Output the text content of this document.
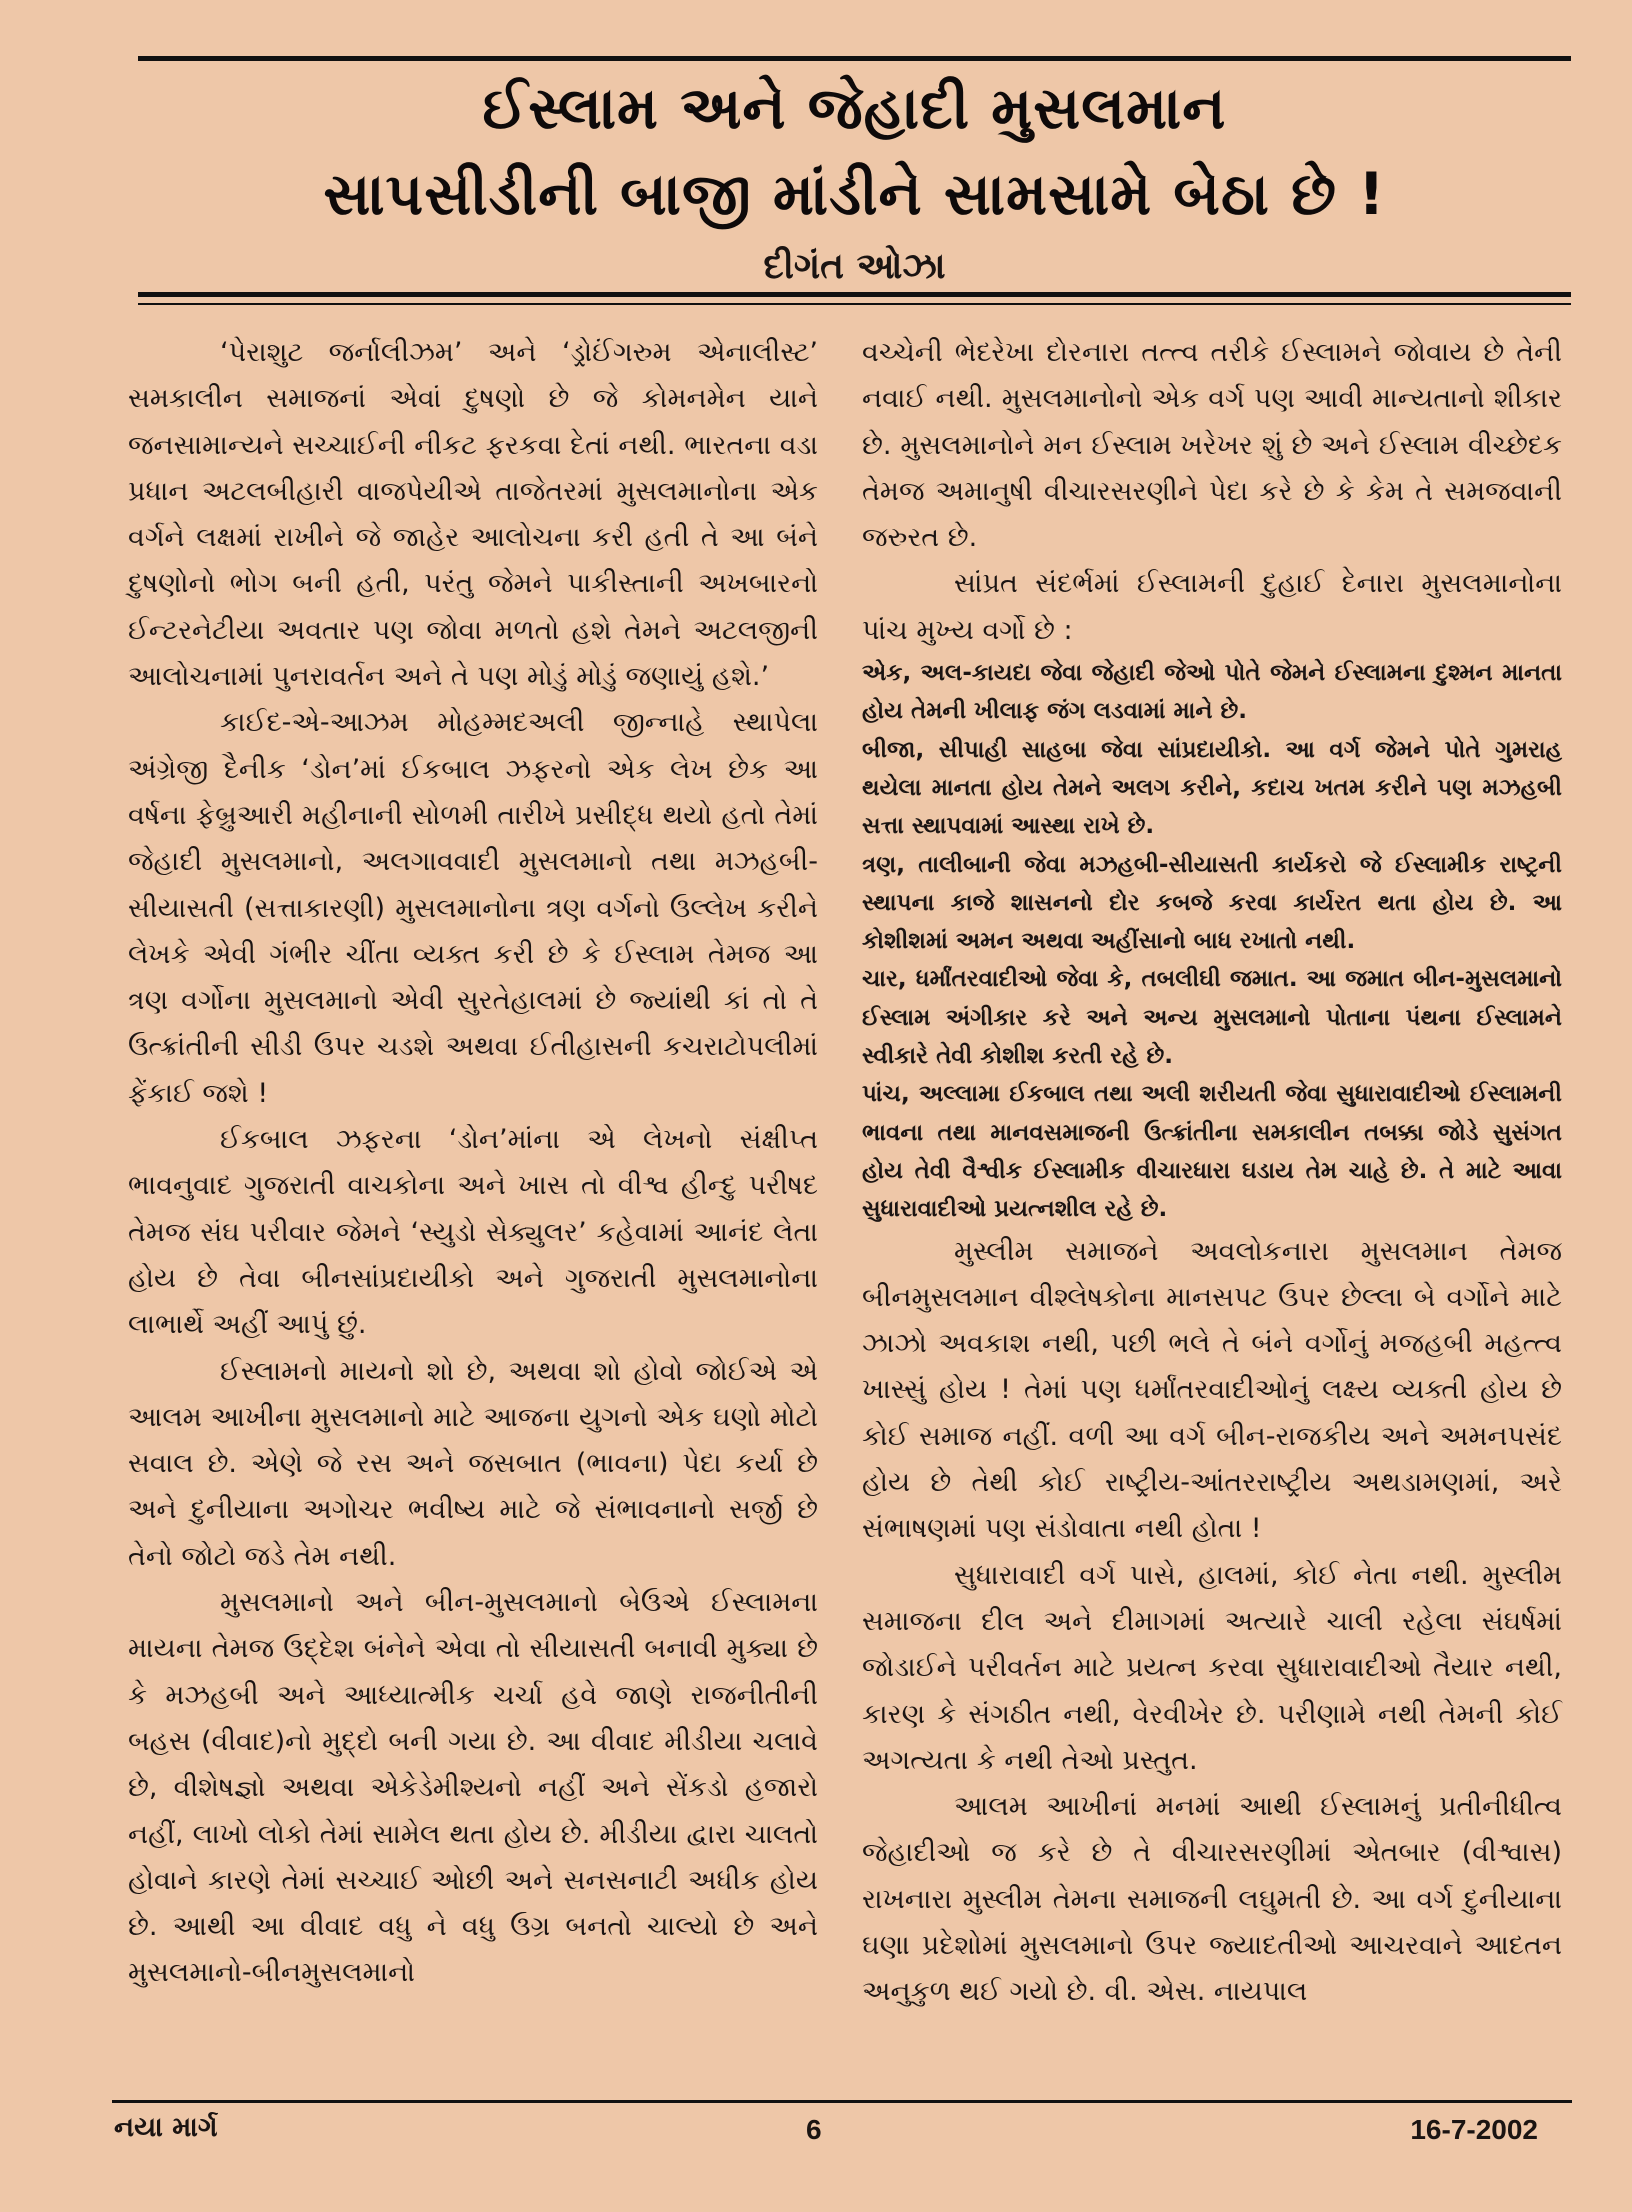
ઈસ્લામ અને જેહાદી મુસલમાન
સાપસીડીની બાજી માંડીને સામસામે બેઠા છે !
દીગંત ઓઝા

‘પેરાશુટ જર્નાલીઝમ’ અને ‘ડ્રોઈંગરુમ એનાલીસ્ટ’ સમકાલીન સમાજનાં એવાં દુષણો છે જે કોમનમેન યાને જનસામાન્યને સચ્ચાઈની નીકટ ફરકવા દેતાં નથી. ભારતના વડા પ્રધાન અટલબીહારી વાજપેયીએ તાજેતરમાં મુસલમાનોના એક વર્ગને લક્ષમાં રાખીને જે જાહેર આલોચના કરી હતી તે આ બંને દુષણોનો ભોગ બની હતી, પરંતુ જેમને પાકીસ્તાની અખબારનો ઈન્ટરનેટીયા અવતાર પણ જોવા મળતો હશે તેમને અટલજીની આલોચનામાં પુનરાવર્તન અને તે પણ મોડું મોડું જણાયું હશે.’

કાઈદ-એ-આઝમ મોહમ્મદઅલી જીન્નાહે સ્થાપેલા અંગ્રેજી દૈનીક ‘ડોન’માં ઈકબાલ ઝફરનો એક લેખ છેક આ વર્ષના ફેબ્રુઆરી મહીનાની સોળમી તારીખે પ્રસીદ્ધ થયો હતો તેમાં જેહાદી મુસલમાનો, અલગાવવાદી મુસલમાનો તથા મઝહબી-સીયાસતી (સત્તાકારણી) મુસલમાનોના ત્રણ વર્ગનો ઉલ્લેખ કરીને લેખકે એવી ગંભીર ચીંતા વ્યક્ત કરી છે કે ઈસ્લામ તેમજ આ ત્રણ વર્ગોના મુસલમાનો એવી સુરતેહાલમાં છે જ્યાંથી કાં તો તે ઉત્ક્રાંતીની સીડી ઉપર ચડશે અથવા ઈતીહાસની કચરાટોપલીમાં ફેંકાઈ જશે !

ઈકબાલ ઝફરના ‘ડોન’માંના એ લેખનો સંક્ષીપ્ત ભાવનુવાદ ગુજરાતી વાચકોના અને ખાસ તો વીશ્વ હીન્દુ પરીષદ તેમજ સંઘ પરીવાર જેમને ‘સ્યુડો સેક્યુલર’ કહેવામાં આનંદ લેતા હોય છે તેવા બીનસાંપ્રદાયીકો અને ગુજરાતી મુસલમાનોના લાભાર્થે અહીં આપું છું.

ઈસ્લામનો માયનો શો છે, અથવા શો હોવો જોઈએ એ આલમ આખીના મુસલમાનો માટે આજના યુગનો એક ઘણો મોટો સવાલ છે. એણે જે રસ અને જસબાત (ભાવના) પેદા કર્યા છે અને દુનીયાના અગોચર ભવીષ્ય માટે જે સંભાવનાનો સર્જી છે તેનો જોટો જડે તેમ નથી.

મુસલમાનો અને બીન-મુસલમાનો બેઉએ ઈસ્લામના માયના તેમજ ઉદ્દેશ બંનેને એવા તો સીયાસતી બનાવી મુક્યા છે કે મઝહબી અને આધ્યાત્મીક ચર્ચા હવે જાણે રાજનીતીની બહસ (વીવાદ)નો મુદ્દો બની ગયા છે. આ વીવાદ મીડીયા ચલાવે છે, વીશેષજ્ઞો અથવા એકેડેમીશ્યનો નહીં અને સેંકડો હજારો નહીં, લાખો લોકો તેમાં સામેલ થતા હોય છે. મીડીયા દ્વારા ચાલતો હોવાને કારણે તેમાં સચ્ચાઈ ઓછી અને સનસનાટી અધીક હોય છે. આથી આ વીવાદ વધુ ને વધુ ઉગ્ર બનતો ચાલ્યો છે અને મુસલમાનો-બીનમુસલમાનો

વચ્ચેની ભેદરેખા દોરનારા તત્ત્વ તરીકે ઈસ્લામને જોવાય છે તેની નવાઈ નથી. મુસલમાનોનો એક વર્ગ પણ આવી માન્યતાનો શીકાર છે. મુસલમાનોને મન ઈસ્લામ ખરેખર શું છે અને ઈસ્લામ વીચ્છેદક તેમજ અમાનુષી વીચારસરણીને પેદા કરે છે કે કેમ તે સમજવાની જરુરત છે.

સાંપ્રત સંદર્ભમાં ઈસ્લામની દુહાઈ દેનારા મુસલમાનોના પાંચ મુખ્ય વર્ગો છે :

એક, અલ-કાયદા જેવા જેહાદી જેઓ પોતે જેમને ઈસ્લામના દુશ્મન માનતા હોય તેમની ખીલાફ જંગ લડવામાં માને છે.

બીજા, સીપાહી સાહબા જેવા સાંપ્રદાયીકો. આ વર્ગ જેમને પોતે ગુમરાહ થયેલા માનતા હોય તેમને અલગ કરીને, કદાચ ખતમ કરીને પણ મઝહબી સત્તા સ્થાપવામાં આસ્થા રાખે છે.

ત્રણ, તાલીબાની જેવા મઝહબી-સીયાસતી કાર્યકરો જે ઈસ્લામીક રાષ્ટ્રની સ્થાપના કાજે શાસનનો દોર કબજે કરવા કાર્યરત થતા હોય છે. આ કોશીશમાં અમન અથવા અહીંસાનો બાધ રખાતો નથી.

ચાર, ધર્માંતરવાદીઓ જેવા કે, તબલીઘી જમાત. આ જમાત બીન-મુસલમાનો ઈસ્લામ અંગીકાર કરે અને અન્ય મુસલમાનો પોતાના પંથના ઈસ્લામને સ્વીકારે તેવી કોશીશ કરતી રહે છે.

પાંચ, અલ્લામા ઈકબાલ તથા અલી શરીયતી જેવા સુધારાવાદીઓ ઈસ્લામની ભાવના તથા માનવસમાજની ઉત્ક્રાંતીના સમકાલીન તબક્કા જોડે સુસંગત હોય તેવી વૈશ્વીક ઈસ્લામીક વીચારધારા ઘડાય તેમ ચાહે છે. તે માટે આવા સુધારાવાદીઓ પ્રયત્નશીલ રહે છે.

મુસ્લીમ સમાજને અવલોકનારા મુસલમાન તેમજ બીનમુસલમાન વીશ્લેષકોના માનસપટ ઉપર છેલ્લા બે વર્ગોને માટે ઝાઝો અવકાશ નથી, પછી ભલે તે બંને વર્ગોનું મજહબી મહત્ત્વ ખાસ્સું હોય ! તેમાં પણ ધર્માંતરવાદીઓનું લક્ષ્ય વ્યક્તી હોય છે કોઈ સમાજ નહીં. વળી આ વર્ગ બીન-રાજકીય અને અમનપસંદ હોય છે તેથી કોઈ રાષ્ટ્રીય-આંતરરાષ્ટ્રીય અથડામણમાં, અરે સંભાષણમાં પણ સંડોવાતા નથી હોતા !

સુધારાવાદી વર્ગ પાસે, હાલમાં, કોઈ નેતા નથી. મુસ્લીમ સમાજના દીલ અને દીમાગમાં અત્યારે ચાલી રહેલા સંઘર્ષમાં જોડાઈને પરીવર્તન માટે પ્રયત્ન કરવા સુધારાવાદીઓ તૈયાર નથી, કારણ કે સંગઠીત નથી, વેરવીખેર છે. પરીણામે નથી તેમની કોઈ અગત્યતા કે નથી તેઓ પ્રસ્તુત.

આલમ આખીનાં મનમાં આથી ઈસ્લામનું પ્રતીનીધીત્વ જેહાદીઓ જ કરે છે તે વીચારસરણીમાં એતબાર (વીશ્વાસ) રાખનારા મુસ્લીમ તેમના સમાજની લઘુમતી છે. આ વર્ગ દુનીયાના ઘણા પ્રદેશોમાં મુસલમાનો ઉપર જ્યાદતીઓ આચરવાને આદતન અનુકુળ થઈ ગયો છે. વી. એસ. નાયપાલ

નયા માર્ગ	6	16-7-2002
